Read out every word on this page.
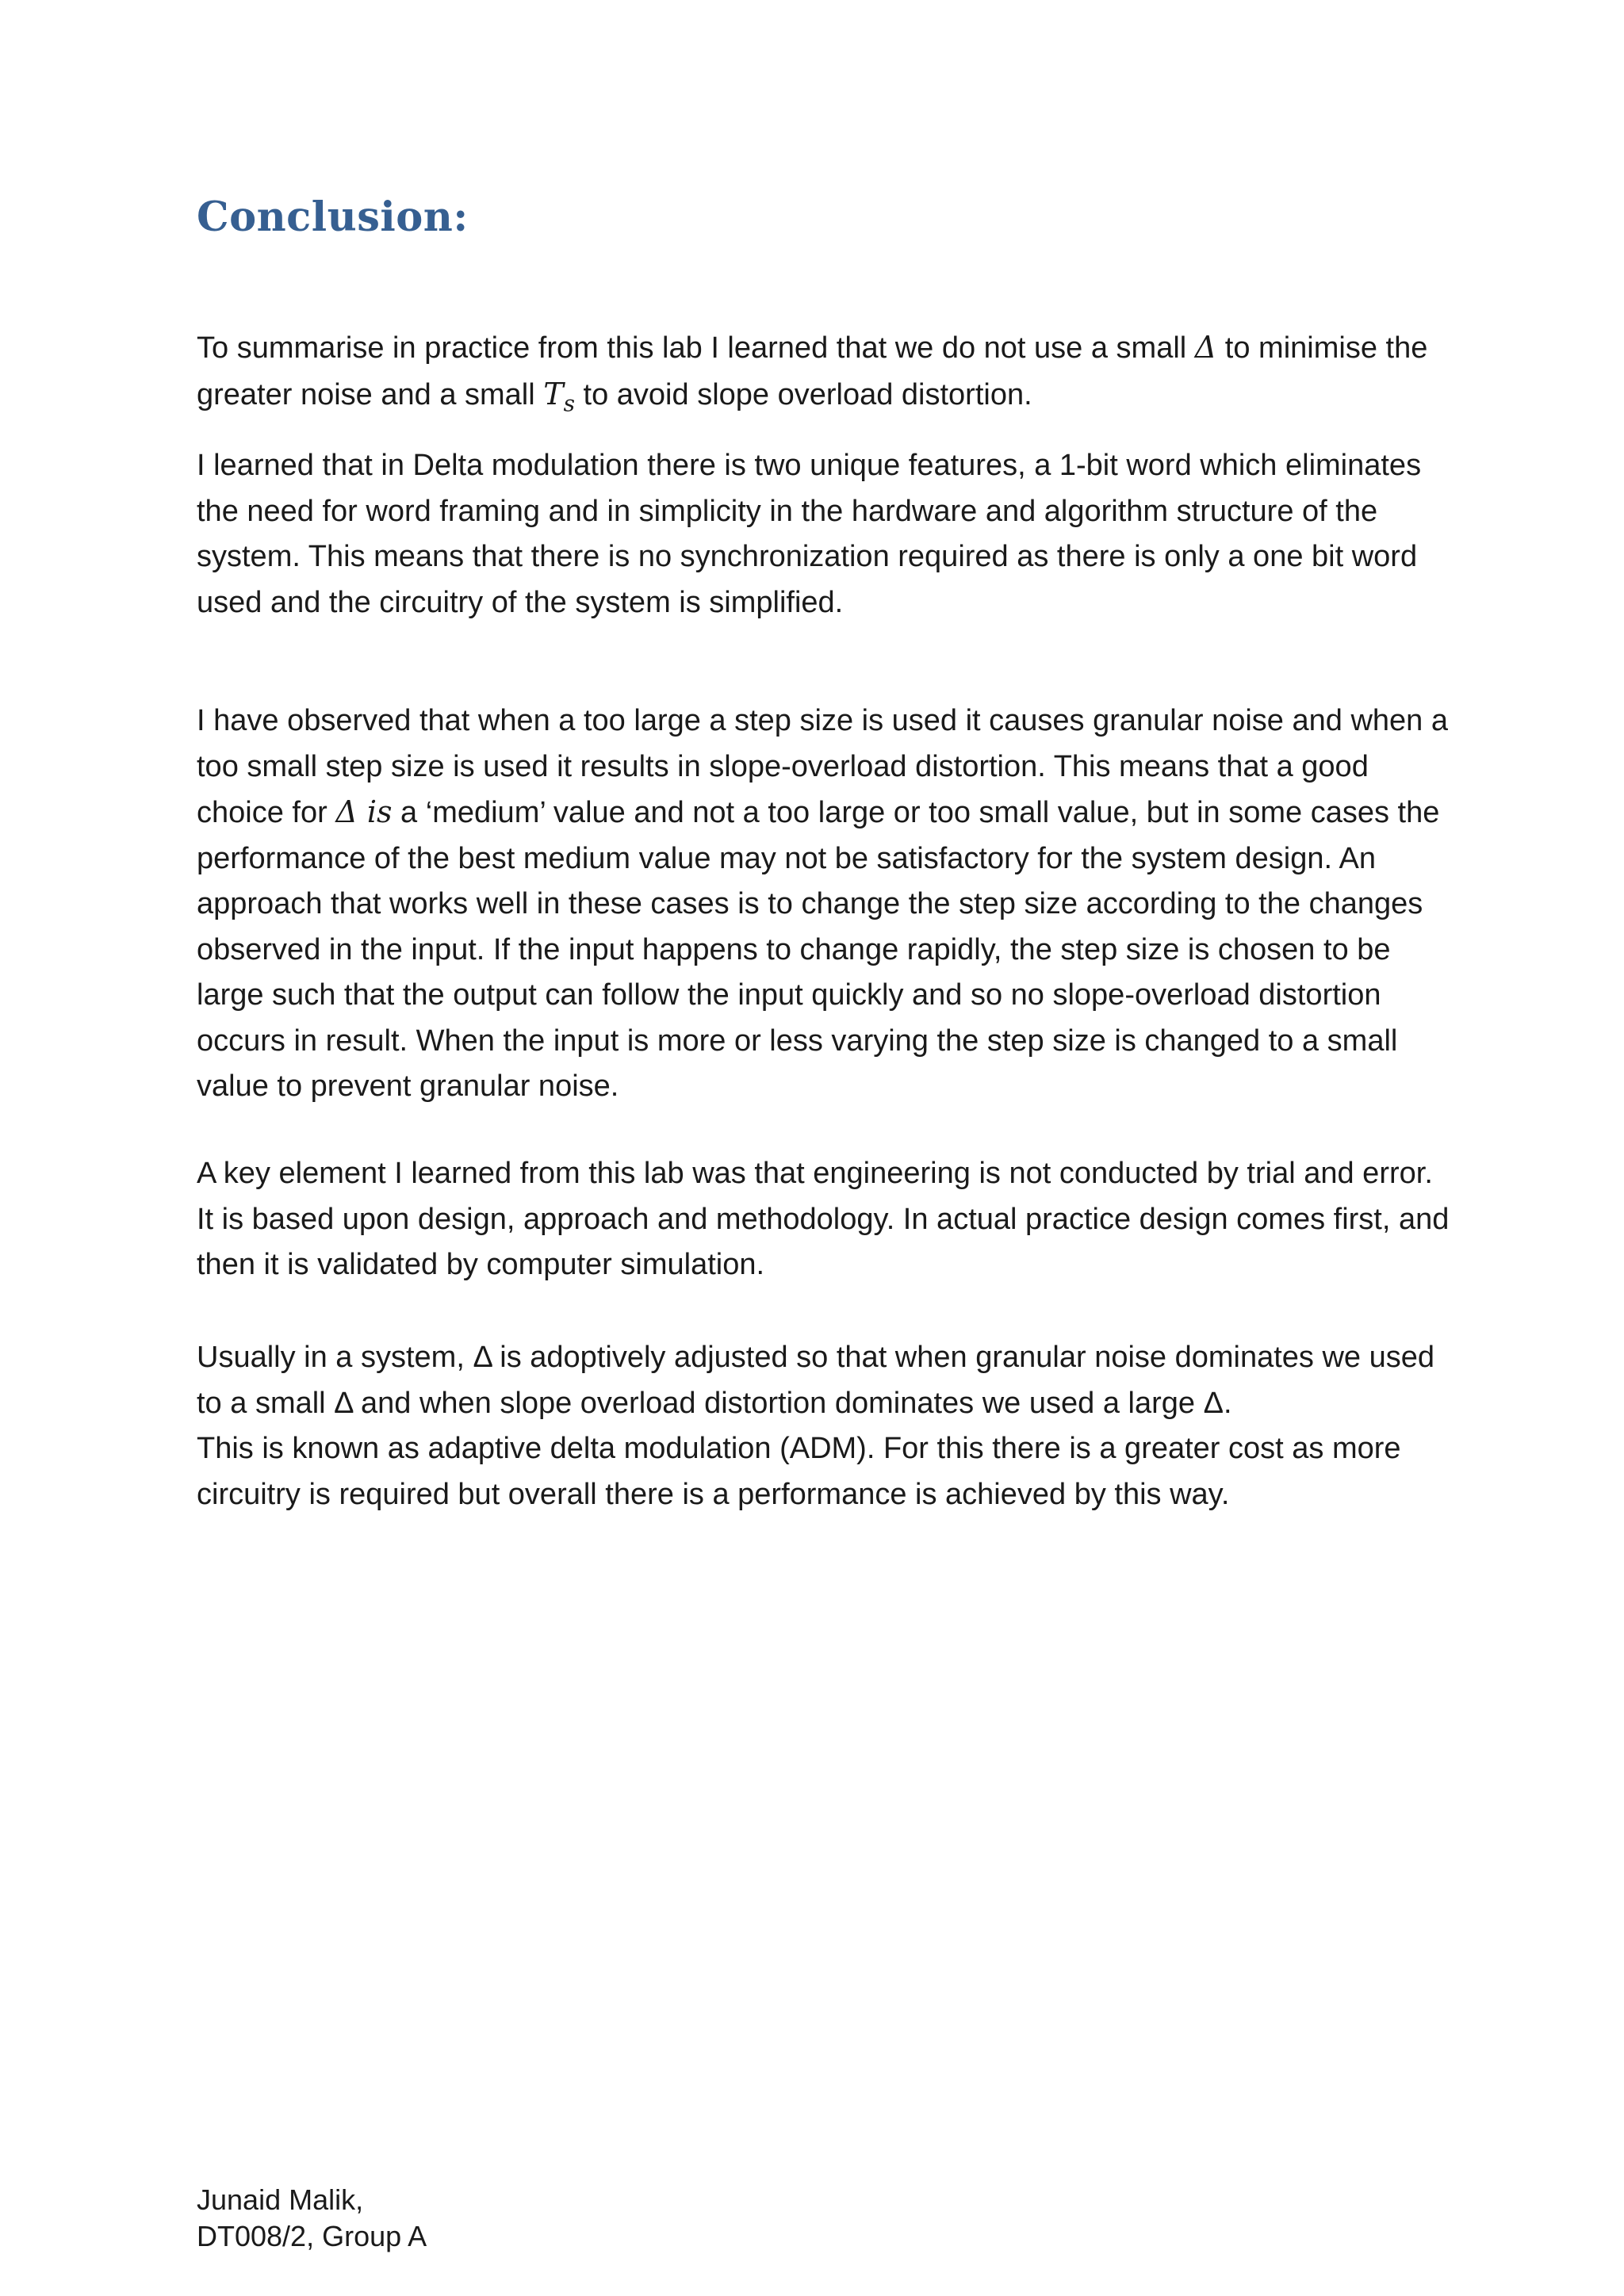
Conclusion:

To summarise in practice from this lab I learned that we do not use a small Δ to minimise the greater noise and a small $T_s$ to avoid slope overload distortion.

I learned that in Delta modulation there is two unique features, a 1-bit word which eliminates the need for word framing and in simplicity in the hardware and algorithm structure of the system. This means that there is no synchronization required as there is only a one bit word used and the circuitry of the system is simplified.

I have observed that when a too large a step size is used it causes granular noise and when a too small step size is used it results in slope-overload distortion. This means that a good choice for Δ is a ‘medium’ value and not a too large or too small value, but in some cases the performance of the best medium value may not be satisfactory for the system design. An approach that works well in these cases is to change the step size according to the changes observed in the input. If the input happens to change rapidly, the step size is chosen to be large such that the output can follow the input quickly and so no slope-overload distortion occurs in result. When the input is more or less varying the step size is changed to a small value to prevent granular noise.

A key element I learned from this lab was that engineering is not conducted by trial and error. It is based upon design, approach and methodology. In actual practice design comes first, and then it is validated by computer simulation.

Usually in a system, Δ is adoptively adjusted so that when granular noise dominates we used to a small Δ and when slope overload distortion dominates we used a large Δ.

This is known as adaptive delta modulation (ADM). For this there is a greater cost as more circuitry is required but overall there is a performance is achieved by this way.

Junaid Malik,
DT008/2, Group A
